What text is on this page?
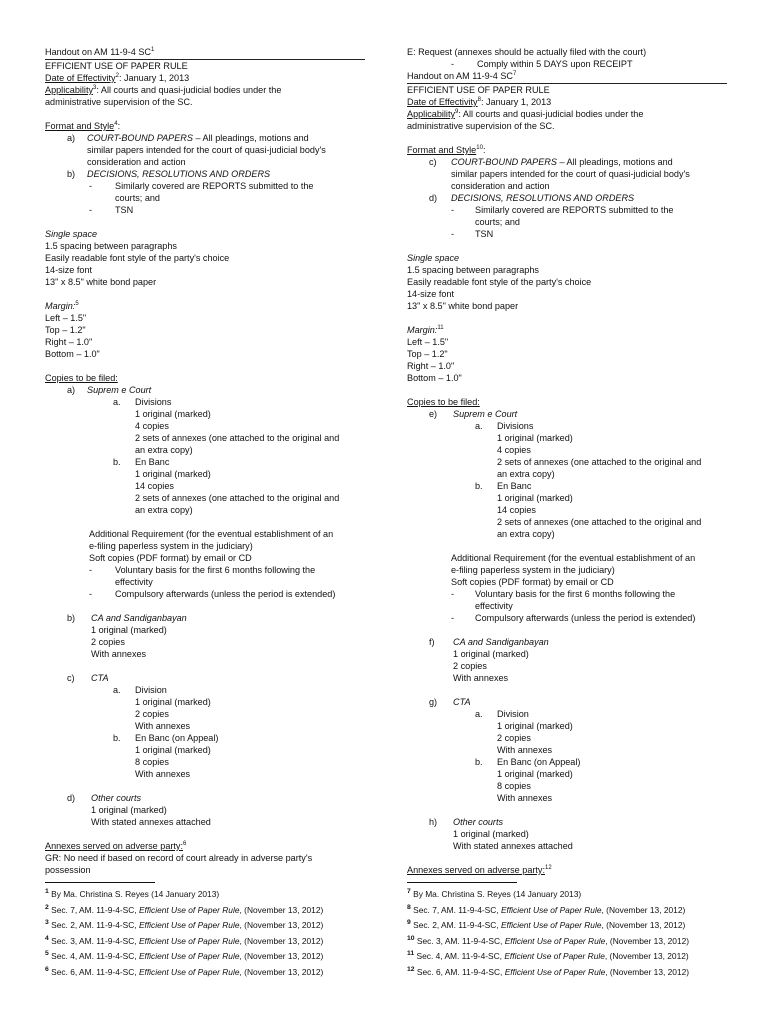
Handout on AM 11-9-4 $SC^1$
EFFICIENT USE OF PAPER RULE
Date of Effectivity$^2$: January 1, 2013
Applicability$^3$: All courts and quasi-judicial bodies under the
administrative supervision of the SC.
Format and Style$^4$:
a)	COURT-BOUND PAPERS – All pleadings, motions and
similar papers intended for the court of quasi-judicial body's
consideration and action
b)	DECISIONS, RESOLUTIONS AND ORDERS
-	Similarly covered are REPORTS submitted to the
courts; and
-	TSN
Single space
1.5 spacing between paragraphs
Easily readable font style of the party's choice
14-size font
13" x 8.5" white bond paper
Margin:$^5$
Left – 1.5"
Top – 1.2"
Right – 1.0"
Bottom – 1.0"
Copies to be filed:
a)	Suprem e Court
a.	Divisions
1 original (marked)
4 copies
2 sets of annexes (one attached to the original and
an extra copy)
b.	En Banc
1 original (marked)
14 copies
2 sets of annexes (one attached to the original and
an extra copy)
Additional Requirement (for the eventual establishment of an
e-filing paperless system in the judiciary)
Soft copies (PDF format) by email or CD
-	Voluntary basis for the first 6 months following the
effectivity
-	Compulsory afterwards (unless the period is extended)
b)	CA and Sandiganbayan
1 original (marked)
2 copies
With annexes
c)	CTA
a.	Division
1 original (marked)
2 copies
With annexes
b.	En Banc (on Appeal)
1 original (marked)
8 copies
With annexes
d)	Other courts
1 original (marked)
With stated annexes attached
Annexes served on adverse party:$^6$
GR: No need if based on record of court already in adverse party's
possession
$^1$ By Ma. Christina S. Reyes (14 January 2013)
$^2$ Sec. 7, AM. 11-9-4-SC, Efficient Use of Paper Rule, (November 13, 2012)
$^3$ Sec. 2, AM. 11-9-4-SC, Efficient Use of Paper Rule, (November 13, 2012)
$^4$ Sec. 3, AM. 11-9-4-SC, Efficient Use of Paper Rule, (November 13, 2012)
$^5$ Sec. 4, AM. 11-9-4-SC, Efficient Use of Paper Rule, (November 13, 2012)
$^6$ Sec. 6, AM. 11-9-4-SC, Efficient Use of Paper Rule, (November 13, 2012)
E: Request (annexes should be actually filed with the court)
-	Comply within 5 DAYS upon RECEIPT
Handout on AM 11-9-4 $SC^7$
EFFICIENT USE OF PAPER RULE
Date of Effectivity$^8$: January 1, 2013
Applicability$^9$: All courts and quasi-judicial bodies under the
administrative supervision of the SC.
Format and Style$^{10}$:
c)	COURT-BOUND PAPERS – All pleadings, motions and
similar papers intended for the court of quasi-judicial body's
consideration and action
d)	DECISIONS, RESOLUTIONS AND ORDERS
-	Similarly covered are REPORTS submitted to the
courts; and
-	TSN
Single space
1.5 spacing between paragraphs
Easily readable font style of the party's choice
14-size font
13" x 8.5" white bond paper
Margin:$^{11}$
Left – 1.5"
Top – 1.2"
Right – 1.0"
Bottom – 1.0"
Copies to be filed:
e)	Suprem e Court
a.	Divisions
1 original (marked)
4 copies
2 sets of annexes (one attached to the original and
an extra copy)
b.	En Banc
1 original (marked)
14 copies
2 sets of annexes (one attached to the original and
an extra copy)
Additional Requirement (for the eventual establishment of an
e-filing paperless system in the judiciary)
Soft copies (PDF format) by email or CD
-	Voluntary basis for the first 6 months following the
effectivity
-	Compulsory afterwards (unless the period is extended)
f)	CA and Sandiganbayan
1 original (marked)
2 copies
With annexes
g)	CTA
a.	Division
1 original (marked)
2 copies
With annexes
b.	En Banc (on Appeal)
1 original (marked)
8 copies
With annexes
h)	Other courts
1 original (marked)
With stated annexes attached
Annexes served on adverse party:$^{12}$
$^7$ By Ma. Christina S. Reyes (14 January 2013)
$^8$ Sec. 7, AM. 11-9-4-SC, Efficient Use of Paper Rule, (November 13, 2012)
$^9$ Sec. 2, AM. 11-9-4-SC, Efficient Use of Paper Rule, (November 13, 2012)
$^{10}$ Sec. 3, AM. 11-9-4-SC, Efficient Use of Paper Rule, (November 13, 2012)
$^{11}$ Sec. 4, AM. 11-9-4-SC, Efficient Use of Paper Rule, (November 13, 2012)
$^{12}$ Sec. 6, AM. 11-9-4-SC, Efficient Use of Paper Rule, (November 13, 2012)
